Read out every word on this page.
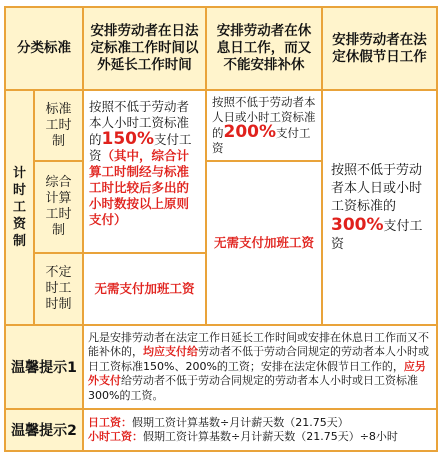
分类标准		安排劳动者在日法定标准工作时间以外延长工作时间	安排劳动者在休息日工作，而又不能安排补休	安排劳动者在法定休假节日工作
计时工资制	标准工时制	按照不低于劳动者本人小时工资标准的150%支付工资（其中，综合计算工时制经与标准工时比较后多出的小时数按以上原则支付）	按照不低于劳动者本人日或小时工资标准的200%支付工资	按照不低于劳动者本人日或小时工资标准的300%支付工资
	综合计算工时制		无需支付加班工资	
	不定时工时制	无需支付加班工资		
温馨提示1		凡是安排劳动者在法定工作日延长工作时间或安排在休息日工作而又不能补休的，均应支付给劳动者不低于劳动合同规定的劳动者本人小时或日工资标准150%、200%的工资；安排在法定休假节日工作的，应另外支付给劳动者不低于劳动合同规定的劳动者本人小时或日工资标准300%的工资。		
温馨提示2		日工资：假期工资计算基数÷月计薪天数（21.75天）
小时工资：假期工资计算基数÷月计薪天数（21.75天）÷8小时		
